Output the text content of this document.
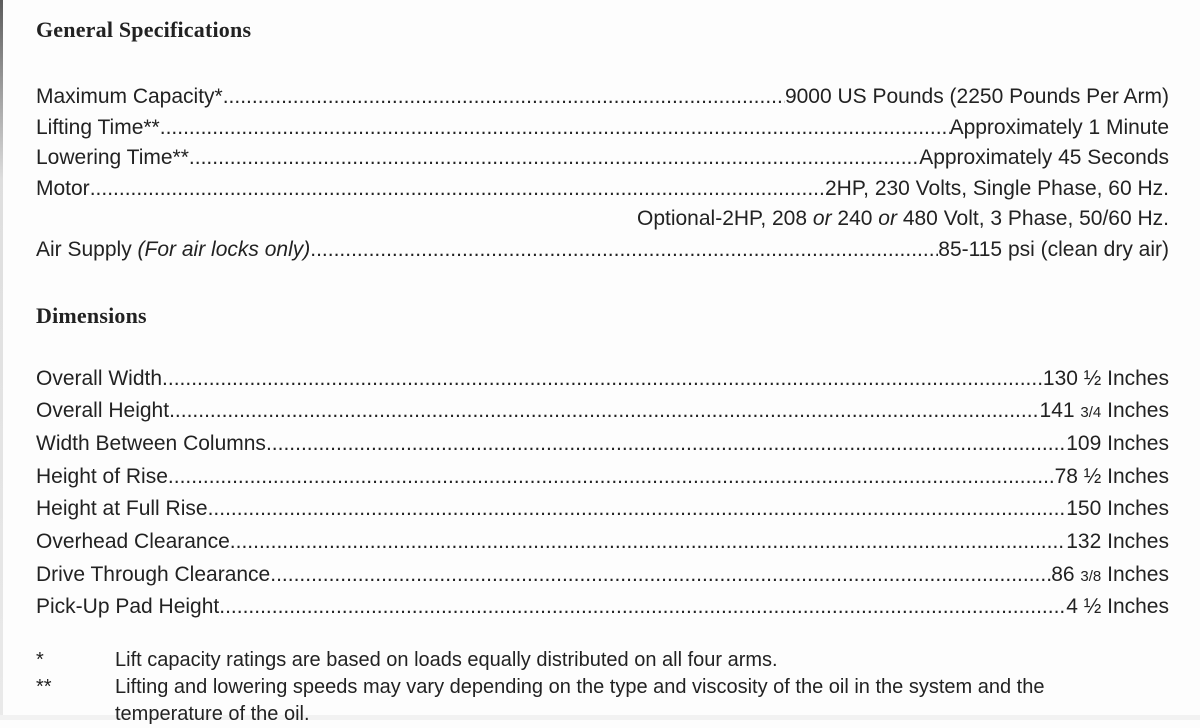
General Specifications
Maximum Capacity* .....	9000 US Pounds (2250 Pounds Per Arm)
Lifting Time** .....	Approximately 1 Minute
Lowering Time** .....	Approximately 45 Seconds
Motor .....	2HP, 230 Volts, Single Phase, 60 Hz.
Optional-2HP, 208 or 240 or 480 Volt, 3 Phase, 50/60 Hz.
Air Supply (For air locks only) .....	85-115 psi (clean dry air)
Dimensions
Overall Width .....	130 ½ Inches
Overall Height .....	141 3/4 Inches
Width Between Columns .....	109 Inches
Height of Rise .....	78 ½ Inches
Height at Full Rise .....	150 Inches
Overhead Clearance .....	132 Inches
Drive Through Clearance .....	86 3/8 Inches
Pick-Up Pad Height .....	4 ½ Inches
*	Lift capacity ratings are based on loads equally distributed on all four arms.
**	Lifting and lowering speeds may vary depending on the type and viscosity of the oil in the system and the
temperature of the oil.
